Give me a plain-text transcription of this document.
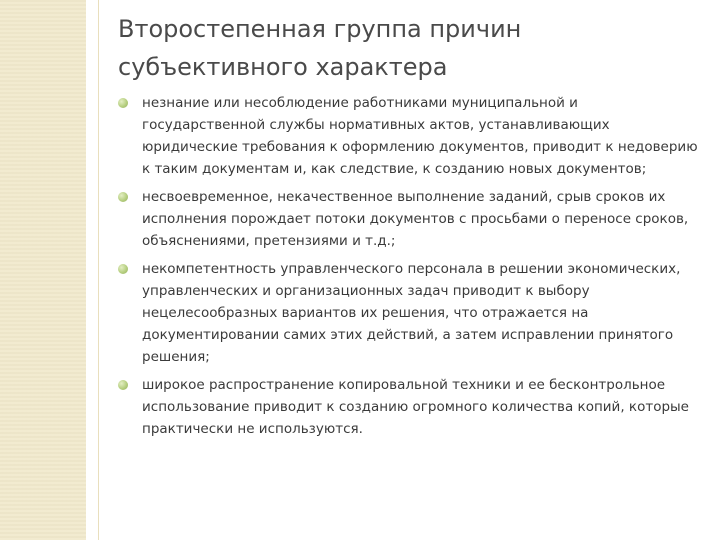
Второстепенная группа причин
субъективного характера
незнание или несоблюдение работниками муниципальной и государственной службы нормативных актов, устанавливающих юридические требования к оформлению документов, приводит к недоверию к таким документам и, как следствие, к созданию новых документов;
несвоевременное, некачественное выполнение заданий, срыв сроков их исполнения порождает потоки документов с просьбами о переносе сроков, объяснениями, претензиями и т.д.;
некомпетентность управленческого персонала в решении экономических, управленческих и организационных задач приводит к выбору нецелесообразных вариантов их решения, что отражается на документировании самих этих действий, а затем исправлении принятого решения;
широкое распространение копировальной техники и ее бесконтрольное использование приводит к созданию огромного количества копий, которые практически не используются.
